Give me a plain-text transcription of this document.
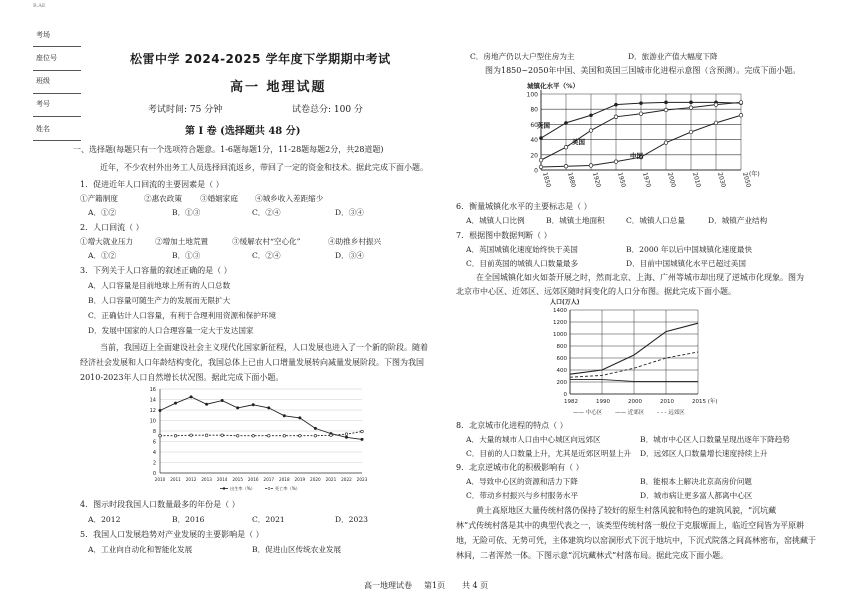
B.AE
考场
座位号
班级
考号
姓名
松雷中学 2024-2025 学年度下学期期中考试
高一 地理试题
考试时间: 75 分钟	试卷总分: 100 分
第 I 卷 (选择题共 48 分)
一、选择题(每题只有一个选项符合题意。1-6题每题1分，11-28题每题2分，共28道题)
近年，不少农村外出务工人员选择回流返乡，带回了一定的资金和技术。据此完成下面小题。
1．促进近年人口回流的主要因素是（ ）
①产籍制度	②惠农政策 ③婚姻家庭 ④城乡收入差距缩少
A．①②	B．①③	C．②④	D．③④
2．人口回流（ ）
①增大就业压力	②增加土地荒置	③缓解农村“空心化”	④助推乡村振兴
A．①②	B．①③	C．②④	D．③④
3．下列关于人口容量的叙述正确的是（ ）
A．人口容量是目前地球上所有的人口总数
B．人口容量可随生产力的发展而无限扩大
C．正确估计人口容量，有利于合理利用资源和保护环境
D．发展中国家的人口合理容量一定大于发达国家
当前，我国迈上全面建设社会主义现代化国家新征程，人口发展也进入了一个新的阶段。随着
经济社会发展和人口年龄结构变化，我国总体上已由人口增量发展转向减量发展阶段。下图为我国
2010-2023年人口自然增长状况图。据此完成下面小题。
0
2
4
6
8
10
12
14
16
2010 2011 2012 2013 2014 2015 2016 2017 2018 2019 2020 2021 2022 2023
出生率（%）	死亡率（%）
4．图示时段我国人口数量最多的年份是（ ）
A．2012	B．2016	C．2021	D．2023
5．我国人口发展趋势对产业发展的主要影响是（ ）
A．工业向自动化和智能化发展	B．促进山区传统农业发展
C．房地产仍以大户型住房为主	D．旅游业产值大幅度下降
图为1850~2050年中国、美国和英国三国城市化进程示意图（含预测）。完成下面小题。
城镇化水平（%）
0
20
40
60
80
100
1850 1880 1920 1950 1970 2000 2010 2030 2050
(年)
英国
美国
中国
6．衡量城镇化水平的主要标志是（ ）
A．城镇人口比例	B．城镇土地面积	C．城镇人口总量	D．城镇产业结构
7．根据图中数据判断（ ）
A．英国城镇化速度始终快于美国	B．2000 年以后中国城镇化速度最快
C．目前英国的城镇人口数量最多	D．目前中国城镇化水平已超过美国
在全国城镇化如火如荼开展之时，然而北京、上海、广州等城市却出现了逆城市化现象。图为
北京市中心区、近郊区、远郊区随时间变化的人口分布图。据此完成下面小题。
人口(万人)
0
200
400
600
800
1000
1200
1400
1982	1990	2000	2010	2015 (年)
—— 中心区 —— 近郊区 - - - 远郊区
8．北京城市化进程的特点（ ）
A．大量的城市人口由中心城区向远郊区	B．城市中心区人口数量呈现出逐年下降趋势
C．目前的人口数量上升，尤其是近郊区明显上升 D．远郊区人口数量增长速度持续上升
9．北京逆城市化的积极影响有（ ）
A．导致中心区的资源和活力下降	B．能根本上解决北京高房价问题
C．带动乡村振兴与乡村服务水平	D．城市病让更多富人都离中心区
黄土高原地区大量传统村落仍保持了较好的原生村落风貌和特色的建筑风貌，“沉坑藏
林”式传统村落是其中的典型代表之一，该类型传统村落一般位于克服塬面上，临近空间皆为平原耕
地，无险可依、无势可凭，主体建筑均以窑洞形式下沉于地坑中，下沉式院落之间高林密布，窑挑藏于
林间，二者浑然一体。下图示意“沉坑藏林式”村落布局。据此完成下面小题。
高一地理试卷 第1页 共 4 页
